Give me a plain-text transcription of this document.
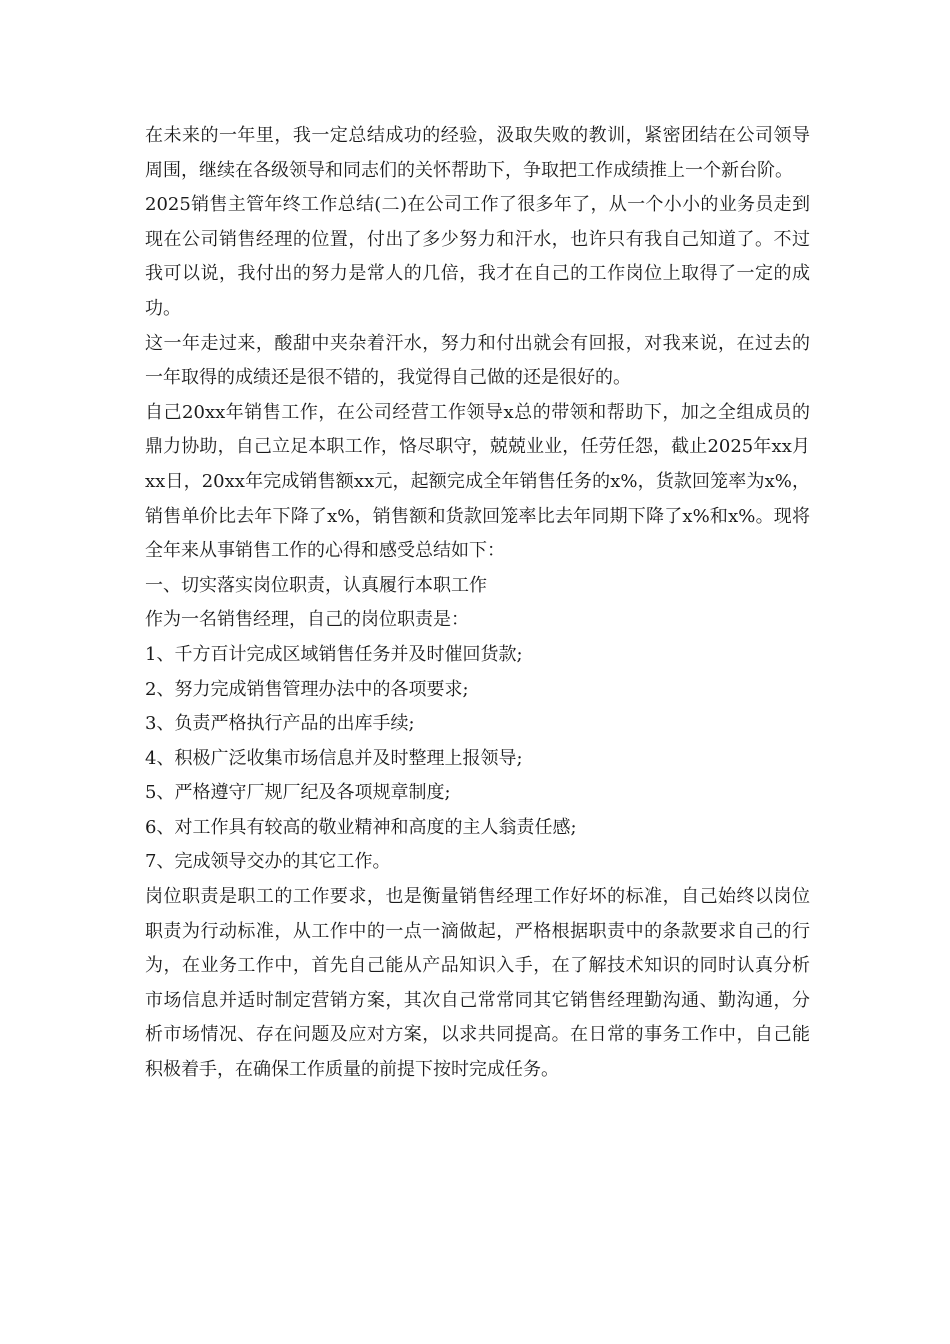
在未来的一年里，我一定总结成功的经验，汲取失败的教训，紧密团结在公司领导周围，继续在各级领导和同志们的关怀帮助下，争取把工作成绩推上一个新台阶。

2025销售主管年终工作总结(二)在公司工作了很多年了，从一个小小的业务员走到现在公司销售经理的位置，付出了多少努力和汗水，也许只有我自己知道了。不过我可以说，我付出的努力是常人的几倍，我才在自己的工作岗位上取得了一定的成功。

这一年走过来，酸甜中夹杂着汗水，努力和付出就会有回报，对我来说，在过去的一年取得的成绩还是很不错的，我觉得自己做的还是很好的。

自己20xx年销售工作，在公司经营工作领导x总的带领和帮助下，加之全组成员的鼎力协助，自己立足本职工作，恪尽职守，兢兢业业，任劳任怨，截止2025年xx月xx日，20xx年完成销售额xx元，起额完成全年销售任务的x%，货款回笼率为x%，销售单价比去年下降了x%，销售额和货款回笼率比去年同期下降了x%和x%。现将全年来从事销售工作的心得和感受总结如下：

一、切实落实岗位职责，认真履行本职工作

作为一名销售经理，自己的岗位职责是：

1、千方百计完成区域销售任务并及时催回货款;

2、努力完成销售管理办法中的各项要求;

3、负责严格执行产品的出库手续;

4、积极广泛收集市场信息并及时整理上报领导;

5、严格遵守厂规厂纪及各项规章制度;

6、对工作具有较高的敬业精神和高度的主人翁责任感;

7、完成领导交办的其它工作。

岗位职责是职工的工作要求，也是衡量销售经理工作好坏的标准，自己始终以岗位职责为行动标准，从工作中的一点一滴做起，严格根据职责中的条款要求自己的行为，在业务工作中，首先自己能从产品知识入手，在了解技术知识的同时认真分析市场信息并适时制定营销方案，其次自己常常同其它销售经理勤沟通、勤沟通，分析市场情况、存在问题及应对方案，以求共同提高。在日常的事务工作中，自己能积极着手，在确保工作质量的前提下按时完成任务。
